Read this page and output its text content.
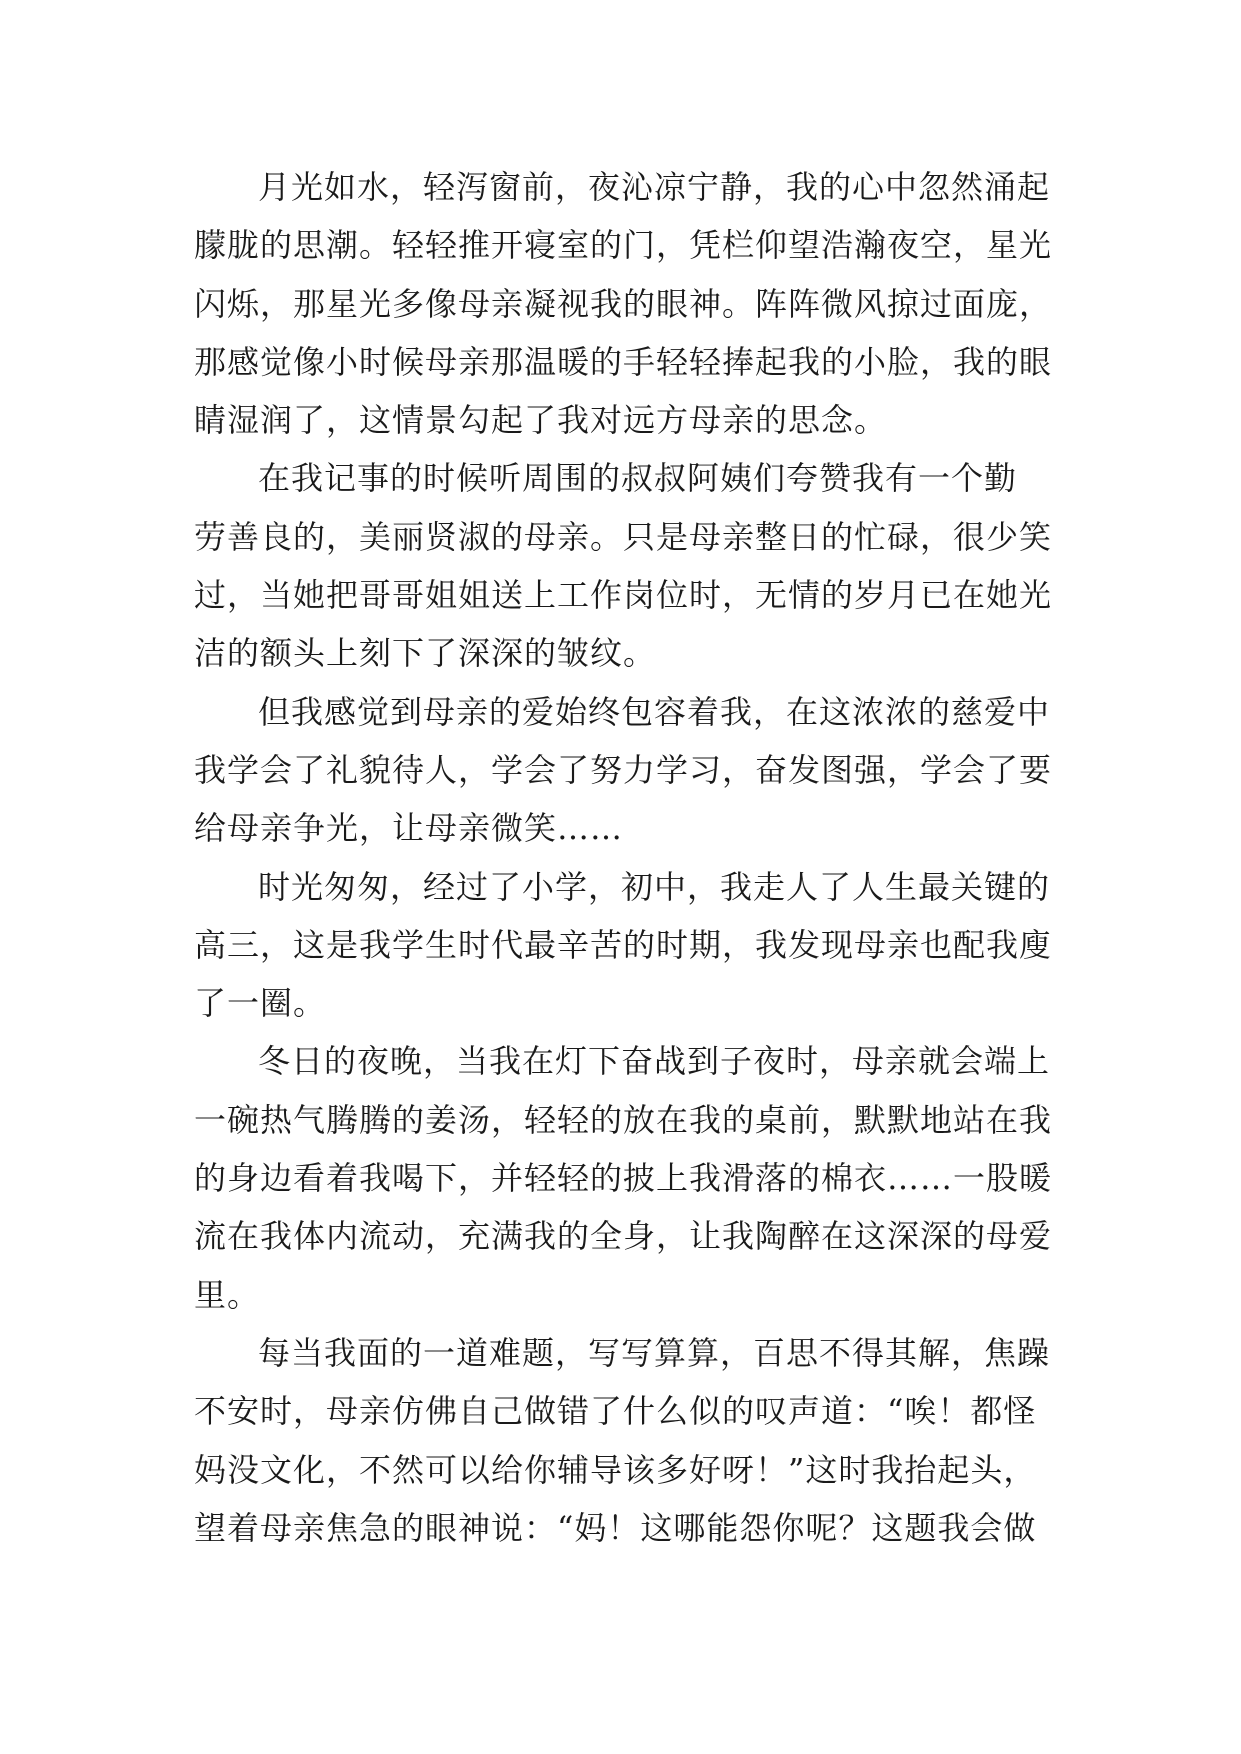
月光如水，轻泻窗前，夜沁凉宁静，我的心中忽然涌起
朦胧的思潮。轻轻推开寝室的门，凭栏仰望浩瀚夜空，星光
闪烁，那星光多像母亲凝视我的眼神。阵阵微风掠过面庞，
那感觉像小时候母亲那温暖的手轻轻捧起我的小脸，我的眼
睛湿润了，这情景勾起了我对远方母亲的思念。

在我记事的时候听周围的叔叔阿姨们夸赞我有一个勤
劳善良的，美丽贤淑的母亲。只是母亲整日的忙碌，很少笑
过，当她把哥哥姐姐送上工作岗位时，无情的岁月已在她光
洁的额头上刻下了深深的皱纹。

但我感觉到母亲的爱始终包容着我，在这浓浓的慈爱中
我学会了礼貌待人，学会了努力学习，奋发图强，学会了要
给母亲争光，让母亲微笑……

时光匆匆，经过了小学，初中，我走人了人生最关键的
高三，这是我学生时代最辛苦的时期，我发现母亲也配我廋
了一圈。

冬日的夜晚，当我在灯下奋战到子夜时，母亲就会端上
一碗热气腾腾的姜汤，轻轻的放在我的桌前，默默地站在我
的身边看着我喝下，并轻轻的披上我滑落的棉衣……一股暖
流在我体内流动，充满我的全身，让我陶醉在这深深的母爱
里。

每当我面的一道难题，写写算算，百思不得其解，焦躁
不安时，母亲仿佛自己做错了什么似的叹声道：“唉！都怪
妈没文化，不然可以给你辅导该多好呀！”这时我抬起头，
望着母亲焦急的眼神说：“妈！这哪能怨你呢？这题我会做
